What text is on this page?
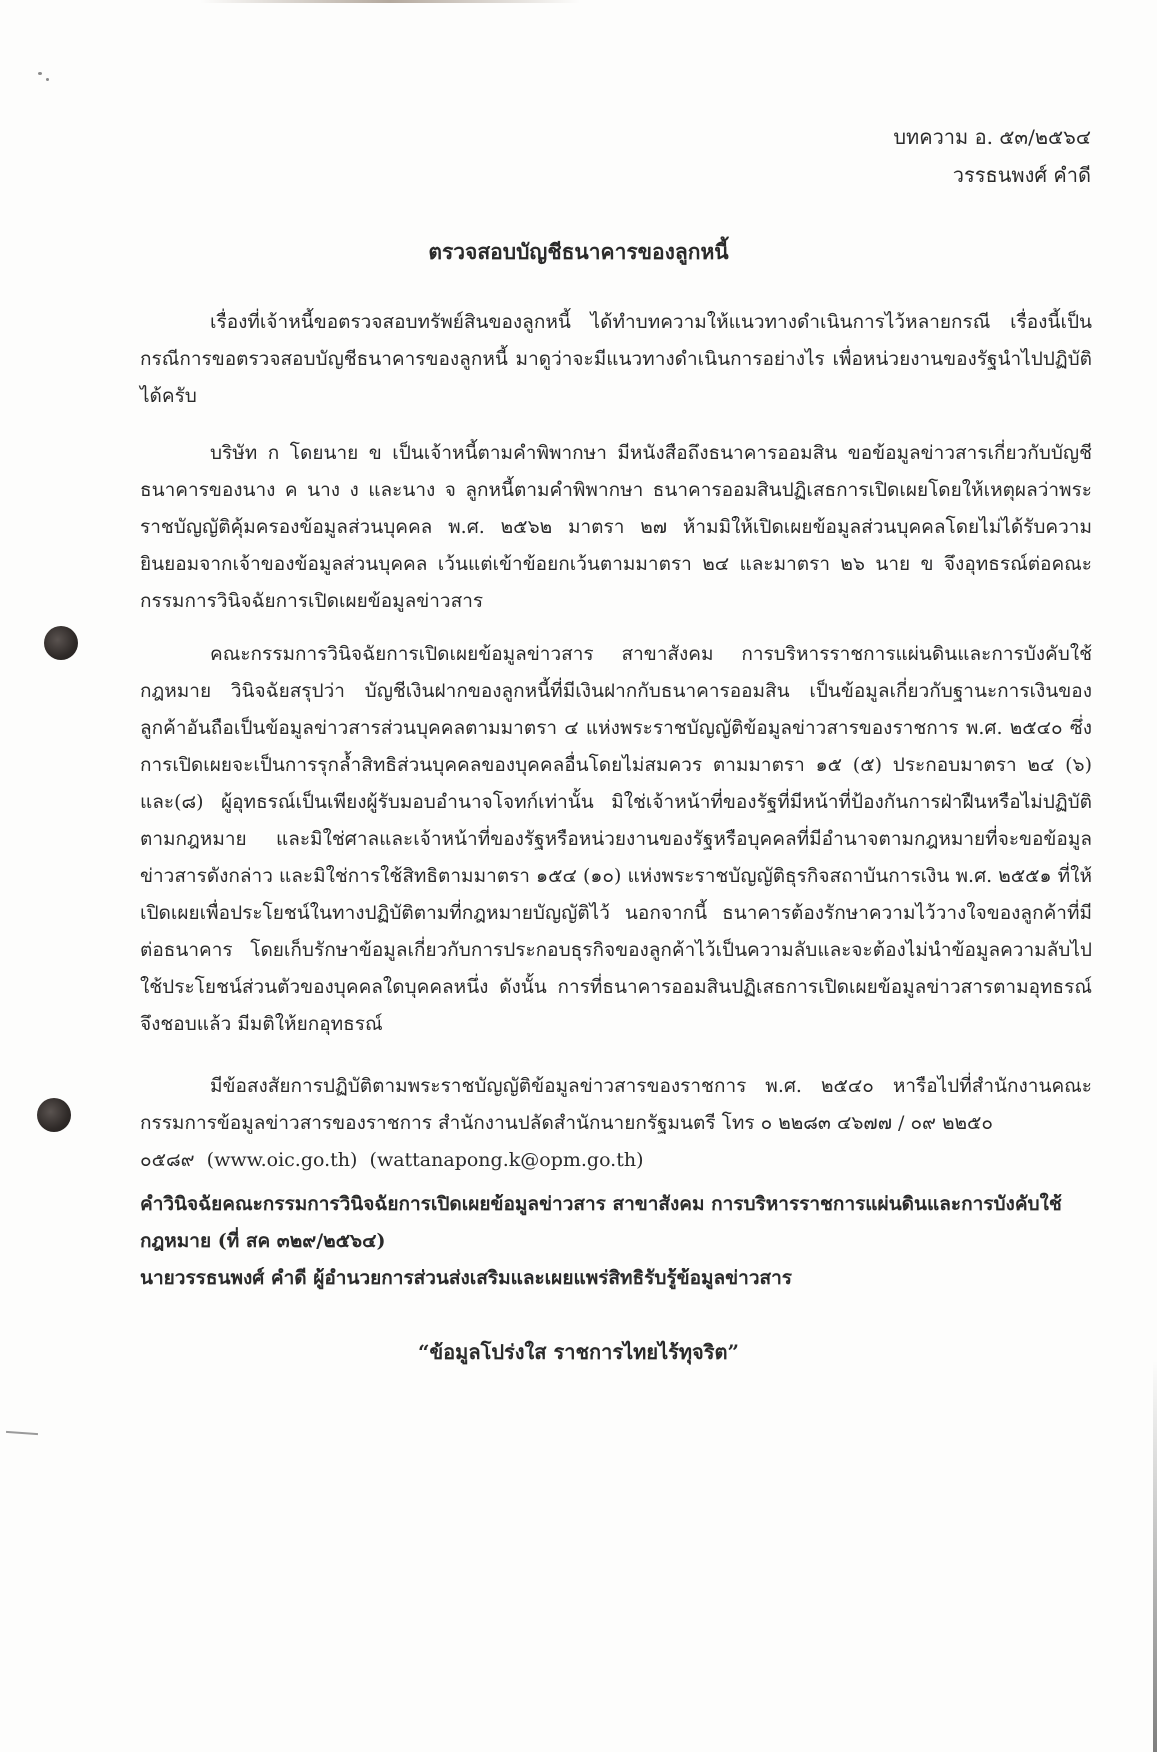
บทความ อ. ๕๓/๒๕๖๔
วรรธนพงศ์ คำดี
ตรวจสอบบัญชีธนาคารของลูกหนี้

เรื่องที่เจ้าหนี้ขอตรวจสอบทรัพย์สินของลูกหนี้ ได้ทำบทความให้แนวทางดำเนินการไว้หลายกรณี เรื่องนี้เป็นกรณีการขอตรวจสอบบัญชีธนาคารของลูกหนี้ มาดูว่าจะมีแนวทางดำเนินการอย่างไร เพื่อหน่วยงานของรัฐนำไปปฏิบัติได้ครับ

บริษัท ก โดยนาย ข เป็นเจ้าหนี้ตามคำพิพากษา มีหนังสือถึงธนาคารออมสิน ขอข้อมูลข่าวสารเกี่ยวกับบัญชีธนาคารของนาง ค นาง ง และนาง จ ลูกหนี้ตามคำพิพากษา ธนาคารออมสินปฏิเสธการเปิดเผยโดยให้เหตุผลว่าพระราชบัญญัติคุ้มครองข้อมูลส่วนบุคคล พ.ศ. ๒๕๖๒ มาตรา ๒๗ ห้ามมิให้เปิดเผยข้อมูลส่วนบุคคลโดยไม่ได้รับความยินยอมจากเจ้าของข้อมูลส่วนบุคคล เว้นแต่เข้าข้อยกเว้นตามมาตรา ๒๔ และมาตรา ๒๖ นาย ข จึงอุทธรณ์ต่อคณะกรรมการวินิจฉัยการเปิดเผยข้อมูลข่าวสาร

คณะกรรมการวินิจฉัยการเปิดเผยข้อมูลข่าวสาร สาขาสังคม การบริหารราชการแผ่นดินและการบังคับใช้กฎหมาย วินิจฉัยสรุปว่า บัญชีเงินฝากของลูกหนี้ที่มีเงินฝากกับธนาคารออมสิน เป็นข้อมูลเกี่ยวกับฐานะการเงินของลูกค้าอันถือเป็นข้อมูลข่าวสารส่วนบุคคลตามมาตรา ๔ แห่งพระราชบัญญัติข้อมูลข่าวสารของราชการ พ.ศ. ๒๕๔๐ ซึ่งการเปิดเผยจะเป็นการรุกล้ำสิทธิส่วนบุคคลของบุคคลอื่นโดยไม่สมควร ตามมาตรา ๑๕ (๕) ประกอบมาตรา ๒๔ (๖) และ(๘) ผู้อุทธรณ์เป็นเพียงผู้รับมอบอำนาจโจทก์เท่านั้น มิใช่เจ้าหน้าที่ของรัฐที่มีหน้าที่ป้องกันการฝ่าฝืนหรือไม่ปฏิบัติตามกฎหมาย และมิใช่ศาลและเจ้าหน้าที่ของรัฐหรือหน่วยงานของรัฐหรือบุคคลที่มีอำนาจตามกฎหมายที่จะขอข้อมูลข่าวสารดังกล่าว และมิใช่การใช้สิทธิตามมาตรา ๑๕๔ (๑๐) แห่งพระราชบัญญัติธุรกิจสถาบันการเงิน พ.ศ. ๒๕๕๑ ที่ให้เปิดเผยเพื่อประโยชน์ในทางปฏิบัติตามที่กฎหมายบัญญัติไว้ นอกจากนี้ ธนาคารต้องรักษาความไว้วางใจของลูกค้าที่มีต่อธนาคาร โดยเก็บรักษาข้อมูลเกี่ยวกับการประกอบธุรกิจของลูกค้าไว้เป็นความลับและจะต้องไม่นำข้อมูลความลับไปใช้ประโยชน์ส่วนตัวของบุคคลใดบุคคลหนึ่ง ดังนั้น การที่ธนาคารออมสินปฏิเสธการเปิดเผยข้อมูลข่าวสารตามอุทธรณ์จึงชอบแล้ว มีมติให้ยกอุทธรณ์

มีข้อสงสัยการปฏิบัติตามพระราชบัญญัติข้อมูลข่าวสารของราชการ พ.ศ. ๒๕๔๐ หารือไปที่สำนักงานคณะกรรมการข้อมูลข่าวสารของราชการ สำนักงานปลัดสำนักนายกรัฐมนตรี โทร ๐ ๒๒๘๓ ๔๖๗๗ / ๐๙ ๒๒๕๐

๐๕๘๙ (www.oic.go.th) (wattanapong.k@opm.go.th)
คำวินิจฉัยคณะกรรมการวินิจฉัยการเปิดเผยข้อมูลข่าวสาร สาขาสังคม การบริหารราชการแผ่นดินและการบังคับใช้กฎหมาย (ที่ สค ๓๒๙/๒๕๖๔)
นายวรรธนพงศ์ คำดี ผู้อำนวยการส่วนส่งเสริมและเผยแพร่สิทธิรับรู้ข้อมูลข่าวสาร
“ข้อมูลโปร่งใส ราชการไทยไร้ทุจริต”
